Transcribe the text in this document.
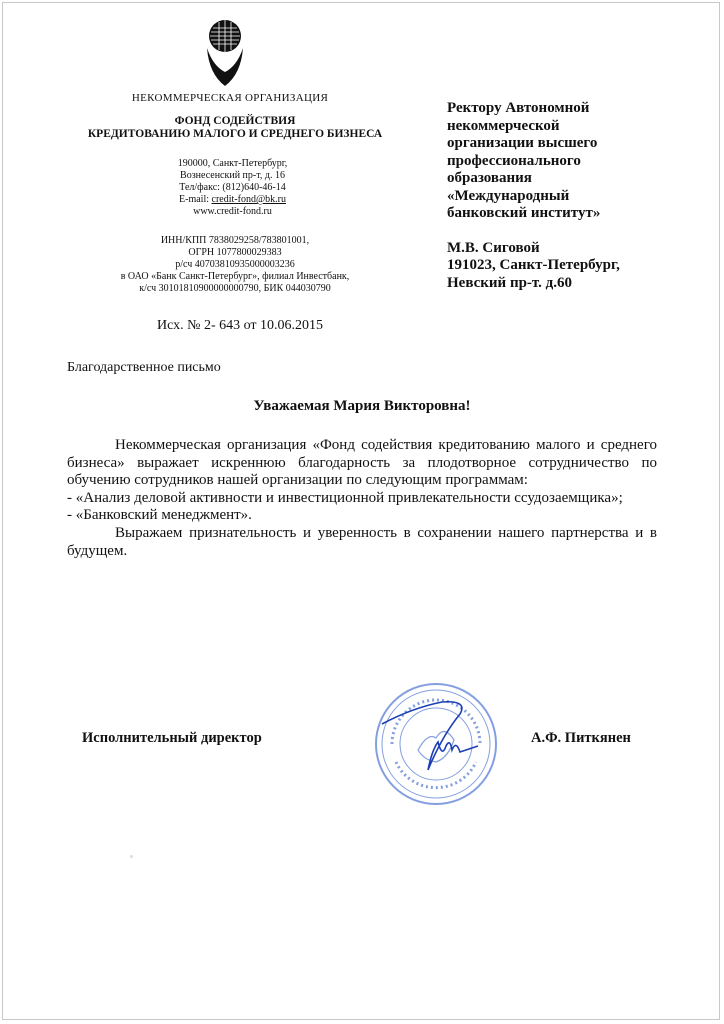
НЕКОММЕРЧЕСКАЯ ОРГАНИЗАЦИЯ
ФОНД СОДЕЙСТВИЯ
КРЕДИТОВАНИЮ МАЛОГО И СРЕДНЕГО БИЗНЕСА
190000, Санкт-Петербург,
Вознесенский пр-т, д. 16
Тел/факс: (812)640-46-14
E-mail: credit-fond@bk.ru
www.credit-fond.ru
ИНН/КПП 7838029258/783801001,
ОГРН 1077800029383
р/сч 40703810935000003236
в ОАО «Банк Санкт-Петербург», филиал Инвестбанк,
к/сч 30101810900000000790, БИК 044030790
Исх. № 2- 643 от 10.06.2015
Ректору Автономной
некоммерческой
организации высшего
профессионального
образования
«Международный
банковский институт»
М.В. Сиговой
191023, Санкт-Петербург,
Невский пр-т. д.60
Благодарственное письмо
Уважаемая Мария Викторовна!

Некоммерческая организация «Фонд содействия кредитованию малого и среднего бизнеса» выражает искреннюю благодарность за плодотворное сотрудничество по обучению сотрудников нашей организации по следующим программам:

- «Анализ деловой активности и инвестиционной привлекательности ссудозаемщика»;

- «Банковский менеджмент».

Выражаем признательность и уверенность в сохранении нашего партнерства и в будущем.

Исполнительный директор	А.Ф. Питкянен
